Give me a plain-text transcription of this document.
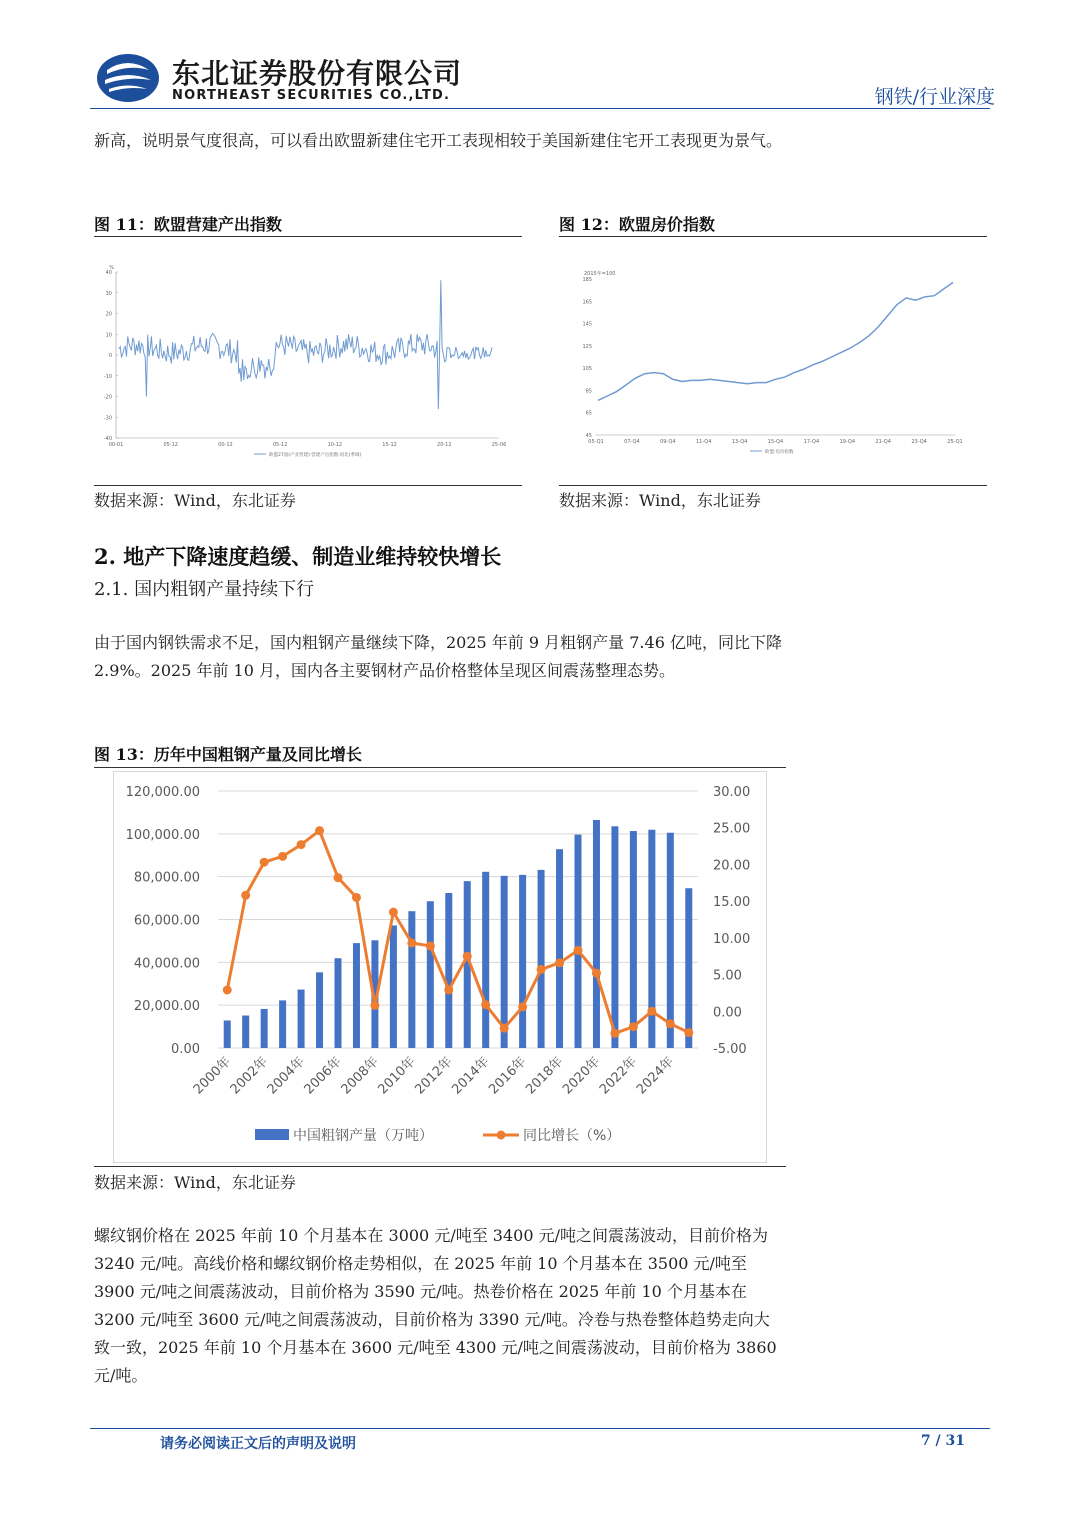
东北证券股份有限公司
NORTHEAST SECURITIES CO.,LTD.	钢铁/行业深度
新高，说明景气度很高，可以看出欧盟新建住宅开工表现相较于美国新建住宅开工表现更为景气。
图 11：欧盟营建产出指数
%
40
30
20
10
0
-10
-20
-30
-40
00-01	05-12	00-12	05-12	10-12	15-12	20-12	25-06
欧盟27国(产业营建):营建产出指数:同比(季调)
数据来源：Wind，东北证券
图 12：欧盟房价指数
2015年=100
185
165
145
125
105
85
65
45
05-Q1	07-Q4	09-Q4	11-Q4	13-Q4	15-Q4	17-Q4	19-Q4	21-Q4	23-Q4	25-Q1
欧盟:房价指数
数据来源：Wind，东北证券
2. 地产下降速度趋缓、制造业维持较快增长
2.1. 国内粗钢产量持续下行
由于国内钢铁需求不足，国内粗钢产量继续下降，2025 年前 9 月粗钢产量 7.46 亿吨，同比下降 2.9%。2025 年前 10 月，国内各主要钢材产品价格整体呈现区间震荡整理态势。
图 13：历年中国粗钢产量及同比增长
0.00
20,000.00
40,000.00
60,000.00
80,000.00
100,000.00
120,000.00
-5.00
0.00
5.00
10.00
15.00
20.00
25.00
30.00
2000年
2002年
2004年
2006年
2008年
2010年
2012年
2014年
2016年
2018年
2020年
2022年
2024年
中国粗钢产量（万吨）	同比增长（%）
数据来源：Wind，东北证券
螺纹钢价格在 2025 年前 10 个月基本在 3000 元/吨至 3400 元/吨之间震荡波动，目前价格为 3240 元/吨。高线价格和螺纹钢价格走势相似，在 2025 年前 10 个月基本在 3500 元/吨至 3900 元/吨之间震荡波动，目前价格为 3590 元/吨。热卷价格在 2025 年前 10 个月基本在 3200 元/吨至 3600 元/吨之间震荡波动，目前价格为 3390 元/吨。冷卷与热卷整体趋势走向大致一致，2025 年前 10 个月基本在 3600 元/吨至 4300 元/吨之间震荡波动，目前价格为 3860 元/吨。
请务必阅读正文后的声明及说明	7 / 31
